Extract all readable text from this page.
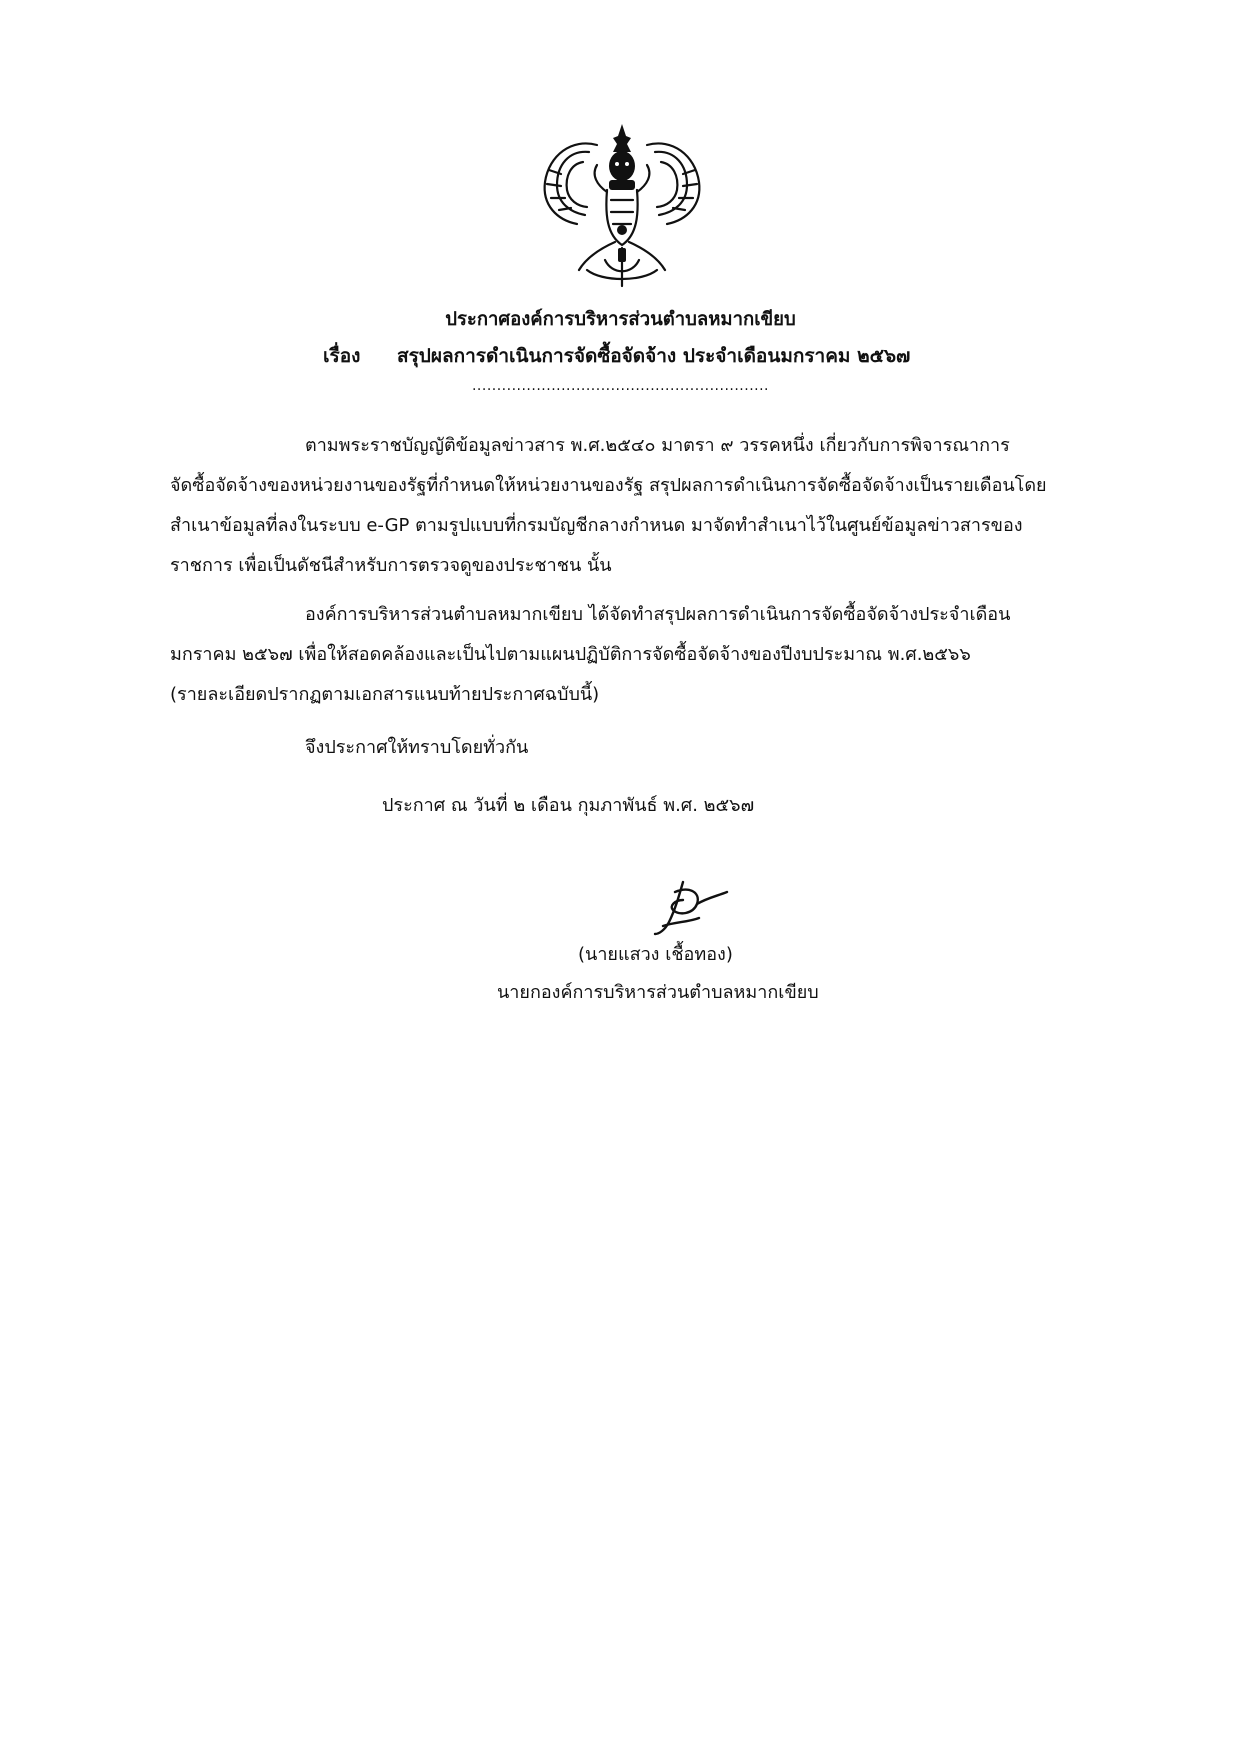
ประกาศองค์การบริหารส่วนตำบลหมากเขียบ
เรื่อง สรุปผลการดำเนินการจัดซื้อจัดจ้าง ประจำเดือนมกราคม ๒๕๖๗
............................................................
ตามพระราชบัญญัติข้อมูลข่าวสาร พ.ศ.๒๕๔๐ มาตรา ๙ วรรคหนึ่ง เกี่ยวกับการพิจารณาการ
จัดซื้อจัดจ้างของหน่วยงานของรัฐที่กำหนดให้หน่วยงานของรัฐ สรุปผลการดำเนินการจัดซื้อจัดจ้างเป็นรายเดือนโดย
สำเนาข้อมูลที่ลงในระบบ e-GP ตามรูปแบบที่กรมบัญชีกลางกำหนด มาจัดทำสำเนาไว้ในศูนย์ข้อมูลข่าวสารของ
ราชการ เพื่อเป็นดัชนีสำหรับการตรวจดูของประชาชน นั้น
องค์การบริหารส่วนตำบลหมากเขียบ ได้จัดทำสรุปผลการดำเนินการจัดซื้อจัดจ้างประจำเดือน
มกราคม ๒๕๖๗ เพื่อให้สอดคล้องและเป็นไปตามแผนปฏิบัติการจัดซื้อจัดจ้างของปีงบประมาณ พ.ศ.๒๕๖๖
(รายละเอียดปรากฏตามเอกสารแนบท้ายประกาศฉบับนี้)
จึงประกาศให้ทราบโดยทั่วกัน
ประกาศ ณ วันที่ ๒ เดือน กุมภาพันธ์ พ.ศ. ๒๕๖๗
(นายแสวง เชื้อทอง)
นายกองค์การบริหารส่วนตำบลหมากเขียบ
